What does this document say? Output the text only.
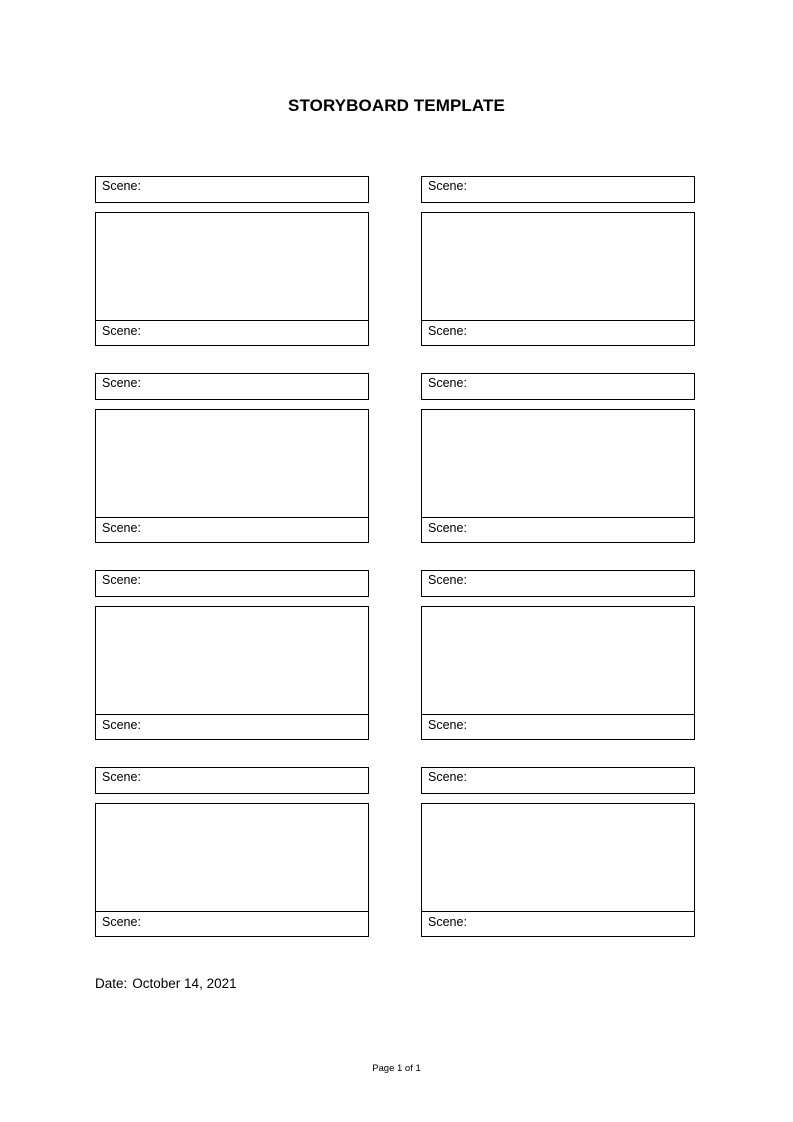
STORYBOARD TEMPLATE
Scene:
Scene:
Scene:
Scene:
Scene:
Scene:
Scene:
Scene:
Scene:
Scene:
Scene:
Scene:
Scene:
Scene:
Scene:
Scene:
Date: October 14, 2021
Page 1 of 1
